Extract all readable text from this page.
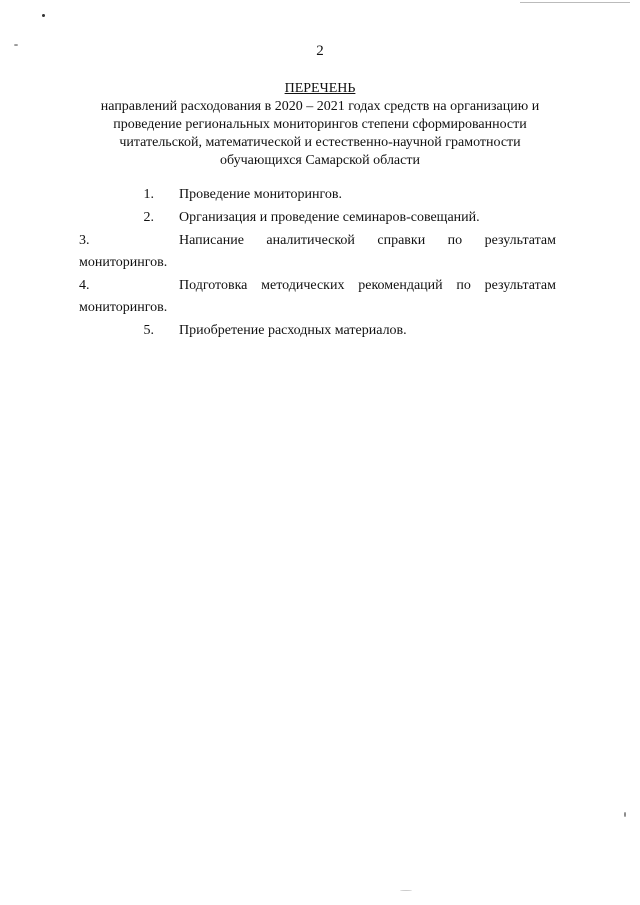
2
ПЕРЕЧЕНЬ
направлений расходования в 2020 – 2021 годах средств на организацию и
проведение региональных мониторингов степени сформированности
читательской, математической и естественно-научной грамотности
обучающихся Самарской области
1. Проведение мониторингов.
2. Организация и проведение семинаров-совещаний.
3.	Написание аналитической справки по результатам
мониторингов.
4.	Подготовка методических рекомендаций по результатам
мониторингов.
5. Приобретение расходных материалов.
